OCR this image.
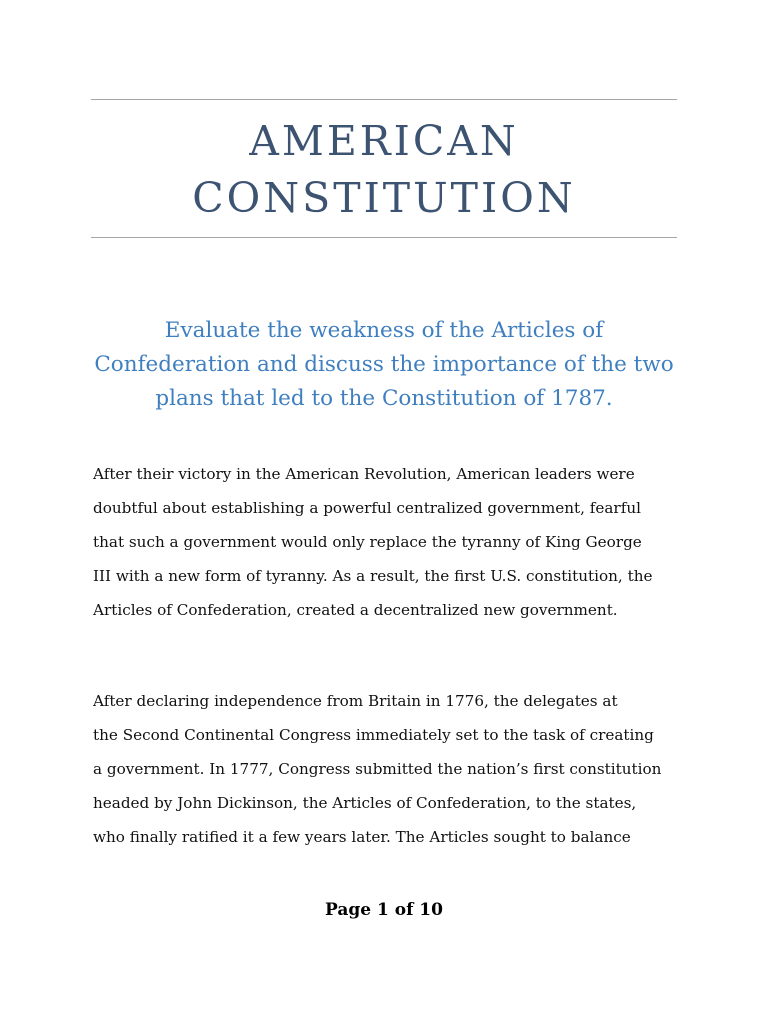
AMERICAN
CONSTITUTION
Evaluate the weakness of the Articles of Confederation and discuss the importance of the two plans that led to the Constitution of 1787.
After their victory in the American Revolution, American leaders were
doubtful about establishing a powerful centralized government, fearful
that such a government would only replace the tyranny of King George
III with a new form of tyranny. As a result, the first U.S. constitution, the
Articles of Confederation, created a decentralized new government.
After declaring independence from Britain in 1776, the delegates at
the Second Continental Congress immediately set to the task of creating
a government. In 1777, Congress submitted the nation’s first constitution
headed by John Dickinson, the Articles of Confederation, to the states,
who finally ratified it a few years later. The Articles sought to balance
Page 1 of 10
